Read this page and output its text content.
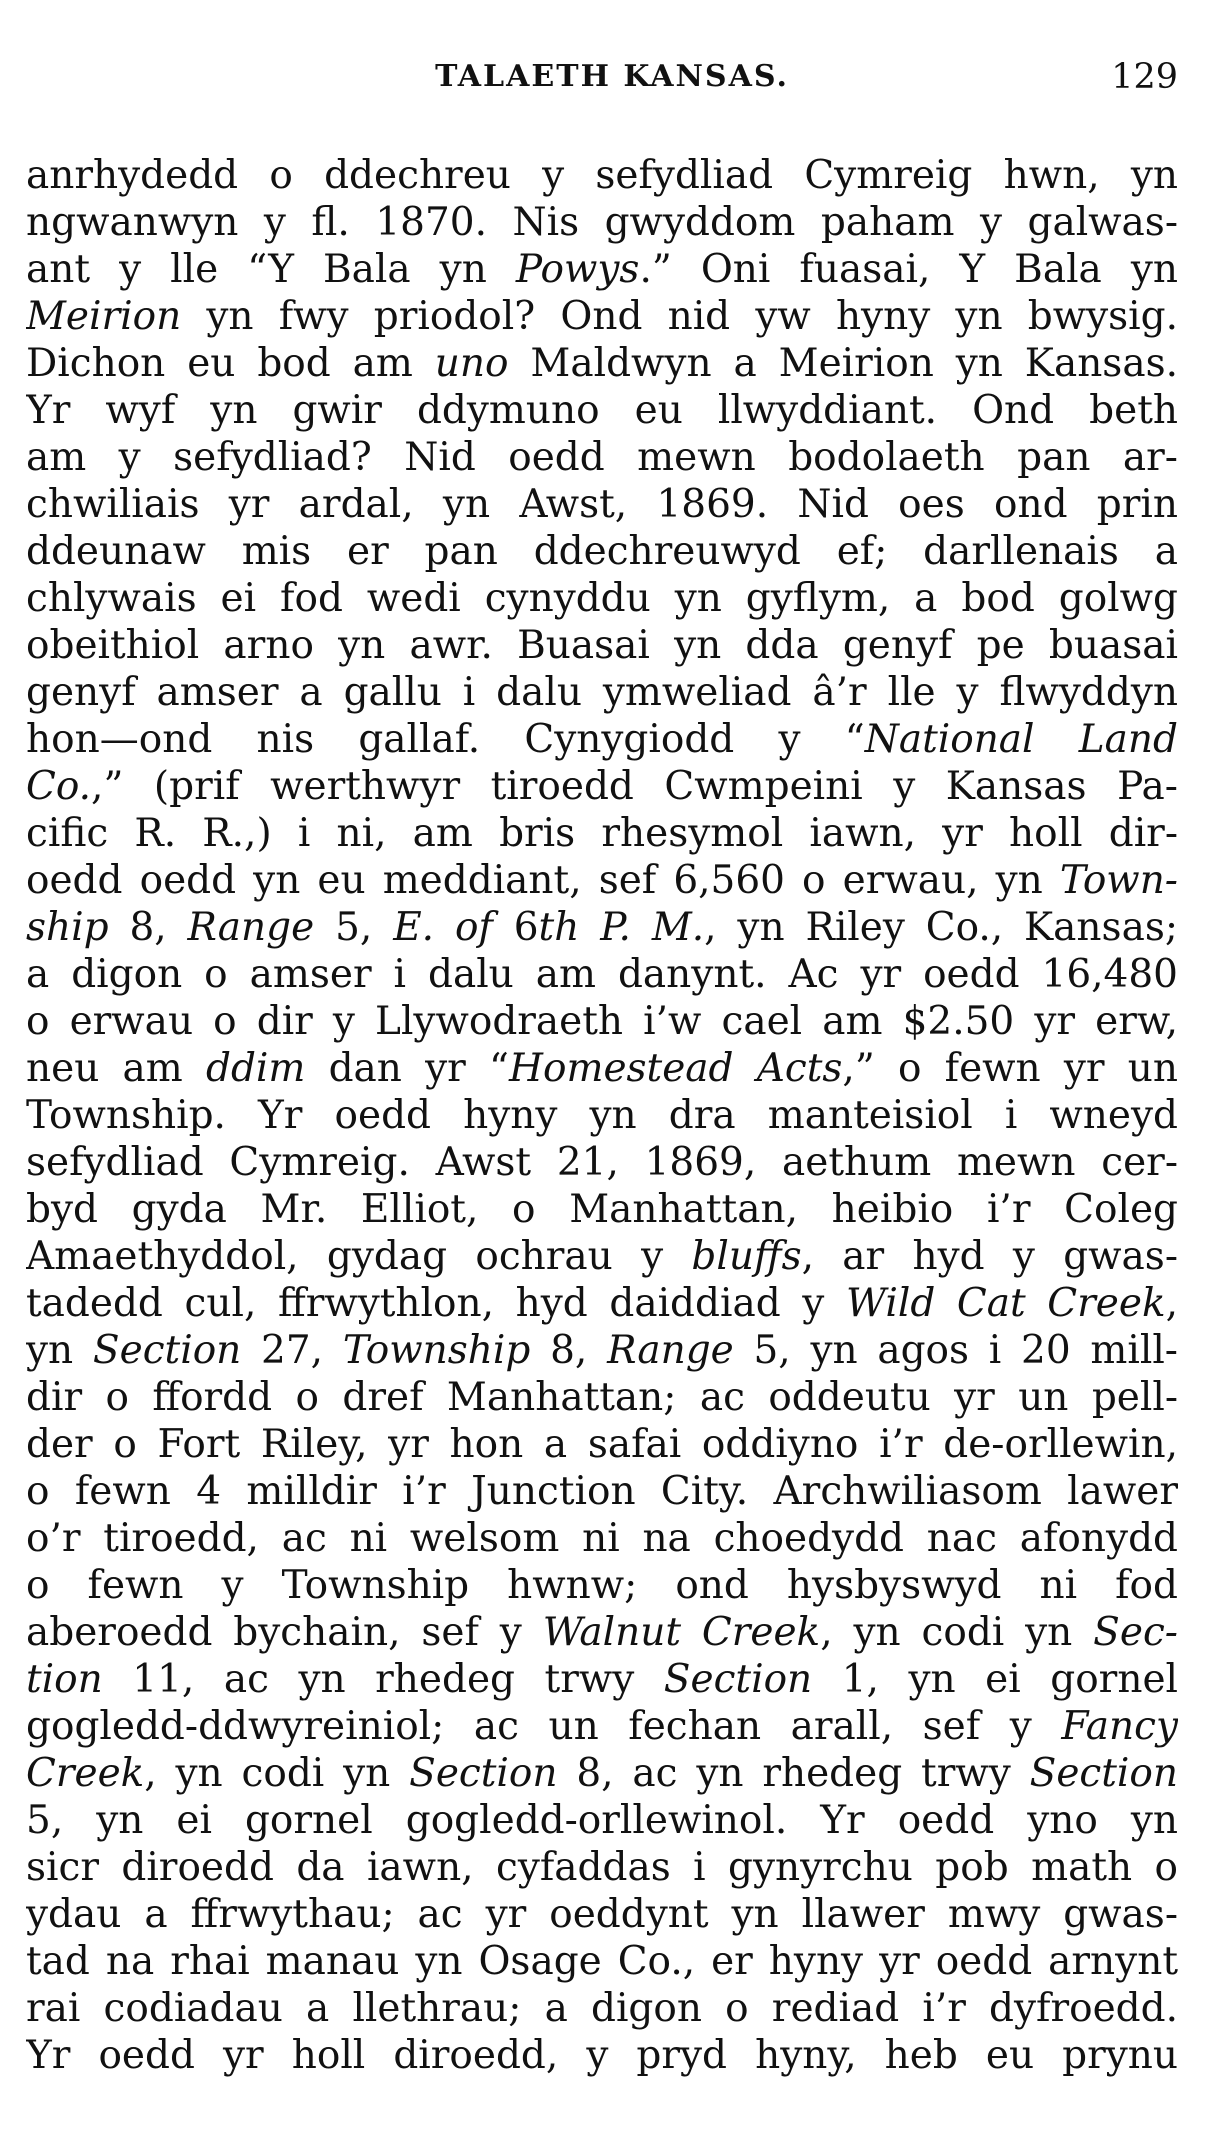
TALAETH KANSAS.	129
anrhydedd o ddechreu y sefydliad Cymreig hwn, yn
ngwanwyn y fl. 1870. Nis gwyddom paham y galwas-
ant y lle “Y Bala yn Powys.” Oni fuasai, Y Bala yn
Meirion yn fwy priodol? Ond nid yw hyny yn bwysig.
Dichon eu bod am uno Maldwyn a Meirion yn Kansas.
Yr wyf yn gwir ddymuno eu llwyddiant. Ond beth
am y sefydliad? Nid oedd mewn bodolaeth pan ar-
chwiliais yr ardal, yn Awst, 1869. Nid oes ond prin
ddeunaw mis er pan ddechreuwyd ef; darllenais a
chlywais ei fod wedi cynyddu yn gyflym, a bod golwg
obeithiol arno yn awr. Buasai yn dda genyf pe buasai
genyf amser a gallu i dalu ymweliad â’r lle y flwyddyn
hon—ond nis gallaf. Cynygiodd y “National Land
Co.,” (prif werthwyr tiroedd Cwmpeini y Kansas Pa-
cific R. R.,) i ni, am bris rhesymol iawn, yr holl dir-
oedd oedd yn eu meddiant, sef 6,560 o erwau, yn Town-
ship 8, Range 5, E. of 6th P. M., yn Riley Co., Kansas;
a digon o amser i dalu am danynt. Ac yr oedd 16,480
o erwau o dir y Llywodraeth i’w cael am $2.50 yr erw,
neu am ddim dan yr “Homestead Acts,” o fewn yr un
Township. Yr oedd hyny yn dra manteisiol i wneyd
sefydliad Cymreig. Awst 21, 1869, aethum mewn cer-
byd gyda Mr. Elliot, o Manhattan, heibio i’r Coleg
Amaethyddol, gydag ochrau y bluffs, ar hyd y gwas-
tadedd cul, ffrwythlon, hyd daiddiad y Wild Cat Creek,
yn Section 27, Township 8, Range 5, yn agos i 20 mill-
dir o ffordd o dref Manhattan; ac oddeutu yr un pell-
der o Fort Riley, yr hon a safai oddiyno i’r de-orllewin,
o fewn 4 milldir i’r Junction City. Archwiliasom lawer
o’r tiroedd, ac ni welsom ni na choedydd nac afonydd
o fewn y Township hwnw; ond hysbyswyd ni fod
aberoedd bychain, sef y Walnut Creek, yn codi yn Sec-
tion 11, ac yn rhedeg trwy Section 1, yn ei gornel
gogledd-ddwyreiniol; ac un fechan arall, sef y Fancy
Creek, yn codi yn Section 8, ac yn rhedeg trwy Section
5, yn ei gornel gogledd-orllewinol. Yr oedd yno yn
sicr diroedd da iawn, cyfaddas i gynyrchu pob math o
ydau a ffrwythau; ac yr oeddynt yn llawer mwy gwas-
tad na rhai manau yn Osage Co., er hyny yr oedd arnynt
rai codiadau a llethrau; a digon o rediad i’r dyfroedd.
Yr oedd yr holl diroedd, y pryd hyny, heb eu prynu
